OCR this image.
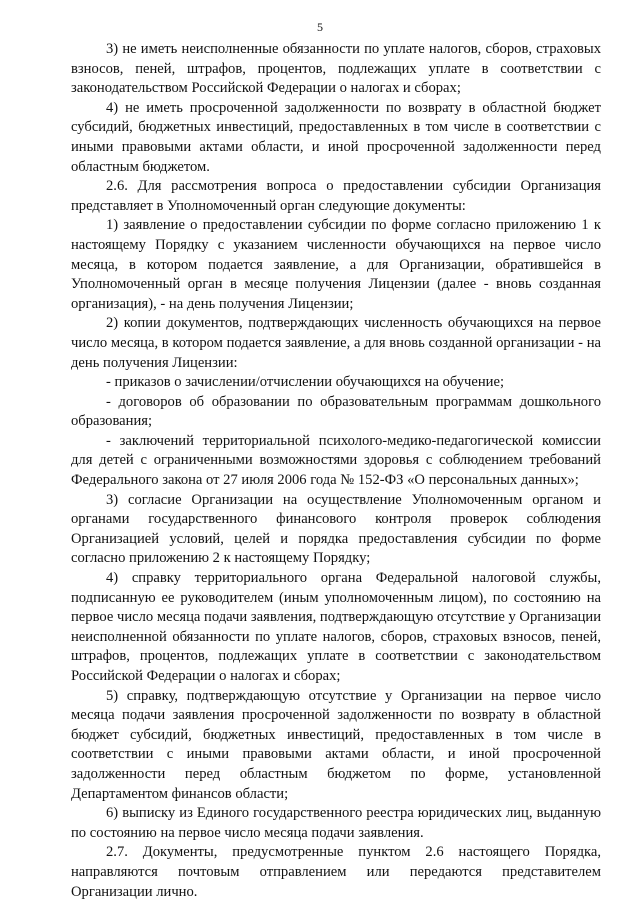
5

3) не иметь неисполненные обязанности по уплате налогов, сборов, страховых взносов, пеней, штрафов, процентов, подлежащих уплате в соответствии с законодательством Российской Федерации о налогах и сборах;

4) не иметь просроченной задолженности по возврату в областной бюджет субсидий, бюджетных инвестиций, предоставленных в том числе в соответствии с иными правовыми актами области, и иной просроченной задолженности перед областным бюджетом.

2.6. Для рассмотрения вопроса о предоставлении субсидии Организация представляет в Уполномоченный орган следующие документы:

1) заявление о предоставлении субсидии по форме согласно приложению 1 к настоящему Порядку с указанием численности обучающихся на первое число месяца, в котором подается заявление, а для Организации, обратившейся в Уполномоченный орган в месяце получения Лицензии (далее - вновь созданная организация), - на день получения Лицензии;

2) копии документов, подтверждающих численность обучающихся на первое число месяца, в котором подается заявление, а для вновь созданной организации - на день получения Лицензии:

- приказов о зачислении/отчислении обучающихся на обучение;

- договоров об образовании по образовательным программам дошкольного образования;

- заключений территориальной психолого-медико-педагогической комиссии для детей с ограниченными возможностями здоровья с соблюдением требований Федерального закона от 27 июля 2006 года № 152-ФЗ «О персональных данных»;

3) согласие Организации на осуществление Уполномоченным органом и органами государственного финансового контроля проверок соблюдения Организацией условий, целей и порядка предоставления субсидии по форме согласно приложению 2 к настоящему Порядку;

4) справку территориального органа Федеральной налоговой службы, подписанную ее руководителем (иным уполномоченным лицом), по состоянию на первое число месяца подачи заявления, подтверждающую отсутствие у Организации неисполненной обязанности по уплате налогов, сборов, страховых взносов, пеней, штрафов, процентов, подлежащих уплате в соответствии с законодательством Российской Федерации о налогах и сборах;

5) справку, подтверждающую отсутствие у Организации на первое число месяца подачи заявления просроченной задолженности по возврату в областной бюджет субсидий, бюджетных инвестиций, предоставленных в том числе в соответствии с иными правовыми актами области, и иной просроченной задолженности перед областным бюджетом по форме, установленной Департаментом финансов области;

6) выписку из Единого государственного реестра юридических лиц, выданную по состоянию на первое число месяца подачи заявления.

2.7. Документы, предусмотренные пунктом 2.6 настоящего Порядка, направляются почтовым отправлением или передаются представителем Организации лично.
